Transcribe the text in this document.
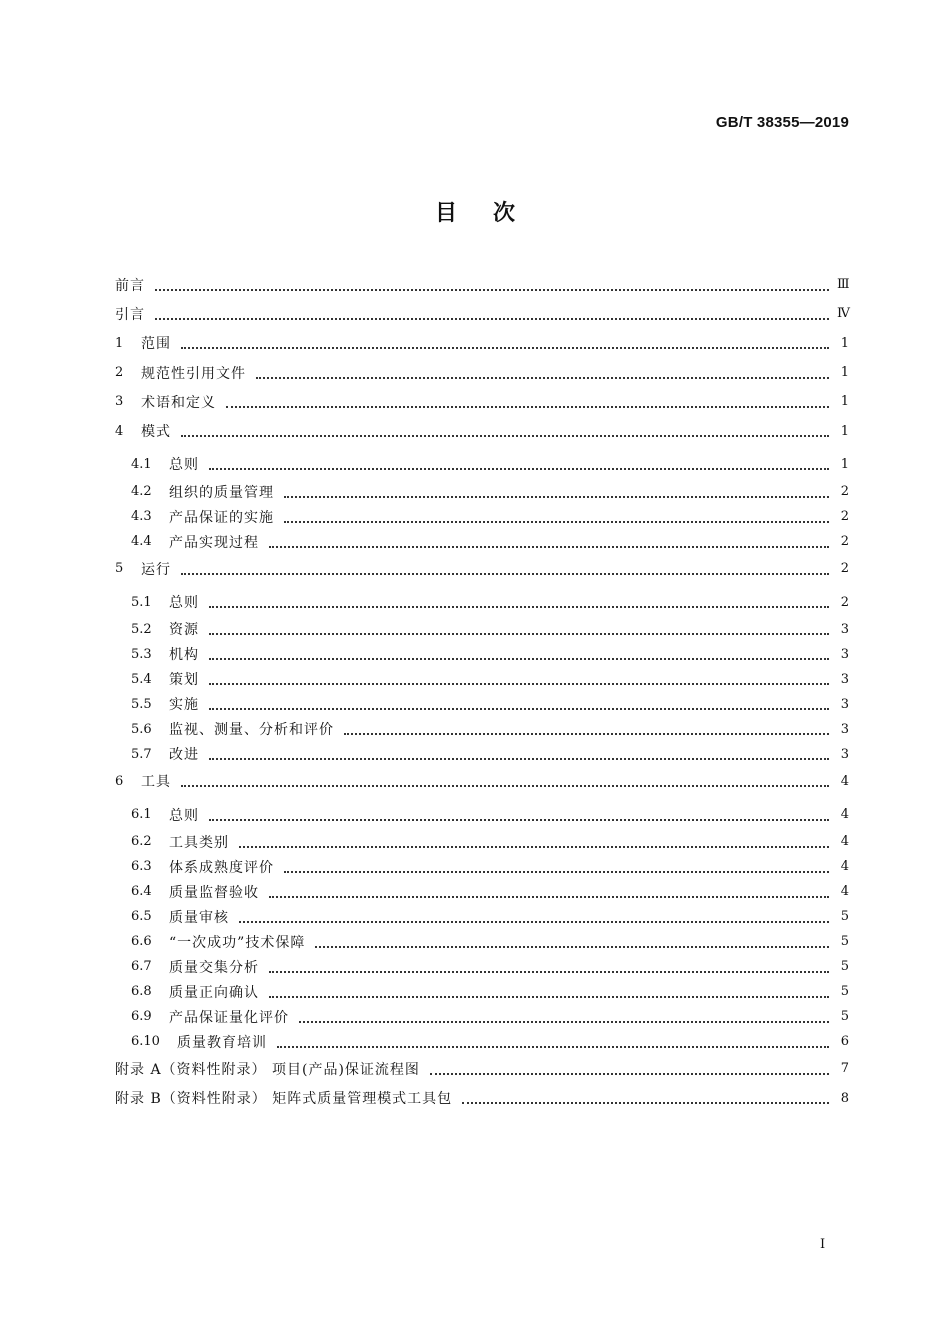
GB/T 38355—2019
目次
前言	Ⅲ
引言	Ⅳ
1	范围	1
2	规范性引用文件	1
3	术语和定义	1
4	模式	1
4.1	总则	1
4.2	组织的质量管理	2
4.3	产品保证的实施	2
4.4	产品实现过程	2
5	运行	2
5.1	总则	2
5.2	资源	3
5.3	机构	3
5.4	策划	3
5.5	实施	3
5.6	监视、测量、分析和评价	3
5.7	改进	3
6	工具	4
6.1	总则	4
6.2	工具类别	4
6.3	体系成熟度评价	4
6.4	质量监督验收	4
6.5	质量审核	5
6.6	“一次成功”技术保障	5
6.7	质量交集分析	5
6.8	质量正向确认	5
6.9	产品保证量化评价	5
6.10	质量教育培训	6
附录 A（资料性附录） 项目(产品)保证流程图	7
附录 B（资料性附录） 矩阵式质量管理模式工具包	8
I
